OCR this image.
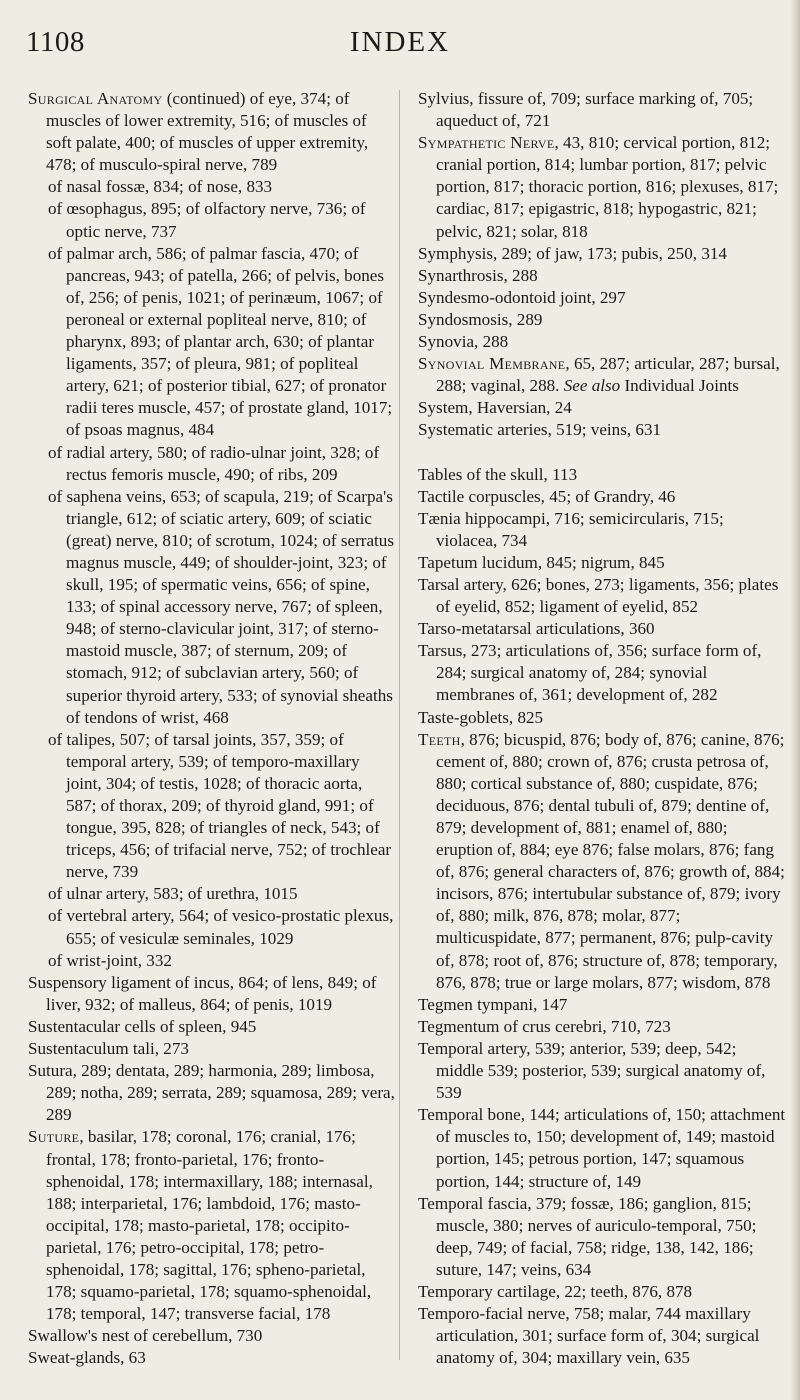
1108	INDEX

Surgical Anatomy (continued) of eye, 374; of muscles of lower extremity, 516; of muscles of soft palate, 400; of muscles of upper extremity, 478; of musculo-spiral nerve, 789

of nasal fossæ, 834; of nose, 833

of œsophagus, 895; of olfactory nerve, 736; of optic nerve, 737

of palmar arch, 586; of palmar fascia, 470; of pancreas, 943; of patella, 266; of pelvis, bones of, 256; of penis, 1021; of perinæum, 1067; of peroneal or external popliteal nerve, 810; of pharynx, 893; of plantar arch, 630; of plantar ligaments, 357; of pleura, 981; of popliteal artery, 621; of posterior tibial, 627; of pronator radii teres muscle, 457; of prostate gland, 1017; of psoas magnus, 484

of radial artery, 580; of radio-ulnar joint, 328; of rectus femoris muscle, 490; of ribs, 209

of saphena veins, 653; of scapula, 219; of Scarpa's triangle, 612; of sciatic artery, 609; of sciatic (great) nerve, 810; of scrotum, 1024; of serratus magnus muscle, 449; of shoulder-joint, 323; of skull, 195; of spermatic veins, 656; of spine, 133; of spinal accessory nerve, 767; of spleen, 948; of sterno-clavicular joint, 317; of sterno-mastoid muscle, 387; of sternum, 209; of stomach, 912; of subclavian artery, 560; of superior thyroid artery, 533; of synovial sheaths of tendons of wrist, 468

of talipes, 507; of tarsal joints, 357, 359; of temporal artery, 539; of temporo-maxillary joint, 304; of testis, 1028; of thoracic aorta, 587; of thorax, 209; of thyroid gland, 991; of tongue, 395, 828; of triangles of neck, 543; of triceps, 456; of trifacial nerve, 752; of trochlear nerve, 739

of ulnar artery, 583; of urethra, 1015

of vertebral artery, 564; of vesico-prostatic plexus, 655; of vesiculæ seminales, 1029

of wrist-joint, 332

Suspensory ligament of incus, 864; of lens, 849; of liver, 932; of malleus, 864; of penis, 1019

Sustentacular cells of spleen, 945

Sustentaculum tali, 273

Sutura, 289; dentata, 289; harmonia, 289; limbosa, 289; notha, 289; serrata, 289; squamosa, 289; vera, 289

Suture, basilar, 178; coronal, 176; cranial, 176; frontal, 178; fronto-parietal, 176; fronto-sphenoidal, 178; intermaxillary, 188; internasal, 188; interparietal, 176; lambdoid, 176; masto-occipital, 178; masto-parietal, 178; occipito-parietal, 176; petro-occipital, 178; petro-sphenoidal, 178; sagittal, 176; spheno-parietal, 178; squamo-parietal, 178; squamo-sphenoidal, 178; temporal, 147; transverse facial, 178

Swallow's nest of cerebellum, 730

Sweat-glands, 63

Sylvius, fissure of, 709; surface marking of, 705; aqueduct of, 721

Sympathetic Nerve, 43, 810; cervical portion, 812; cranial portion, 814; lumbar portion, 817; pelvic portion, 817; thoracic portion, 816; plexuses, 817; cardiac, 817; epigastric, 818; hypogastric, 821; pelvic, 821; solar, 818

Symphysis, 289; of jaw, 173; pubis, 250, 314

Synarthrosis, 288

Syndesmo-odontoid joint, 297

Syndosmosis, 289

Synovia, 288

Synovial Membrane, 65, 287; articular, 287; bursal, 288; vaginal, 288. See also Individual Joints

System, Haversian, 24

Systematic arteries, 519; veins, 631

Tables of the skull, 113

Tactile corpuscles, 45; of Grandry, 46

Tænia hippocampi, 716; semicircularis, 715; violacea, 734

Tapetum lucidum, 845; nigrum, 845

Tarsal artery, 626; bones, 273; ligaments, 356; plates of eyelid, 852; ligament of eyelid, 852

Tarso-metatarsal articulations, 360

Tarsus, 273; articulations of, 356; surface form of, 284; surgical anatomy of, 284; synovial membranes of, 361; development of, 282

Taste-goblets, 825

Teeth, 876; bicuspid, 876; body of, 876; canine, 876; cement of, 880; crown of, 876; crusta petrosa of, 880; cortical substance of, 880; cuspidate, 876; deciduous, 876; dental tubuli of, 879; dentine of, 879; development of, 881; enamel of, 880; eruption of, 884; eye 876; false molars, 876; fang of, 876; general characters of, 876; growth of, 884; incisors, 876; intertubular substance of, 879; ivory of, 880; milk, 876, 878; molar, 877; multicuspidate, 877; permanent, 876; pulp-cavity of, 878; root of, 876; structure of, 878; temporary, 876, 878; true or large molars, 877; wisdom, 878

Tegmen tympani, 147

Tegmentum of crus cerebri, 710, 723

Temporal artery, 539; anterior, 539; deep, 542; middle 539; posterior, 539; surgical anatomy of, 539

Temporal bone, 144; articulations of, 150; attachment of muscles to, 150; development of, 149; mastoid portion, 145; petrous portion, 147; squamous portion, 144; structure of, 149

Temporal fascia, 379; fossæ, 186; ganglion, 815; muscle, 380; nerves of auriculo-temporal, 750; deep, 749; of facial, 758; ridge, 138, 142, 186; suture, 147; veins, 634

Temporary cartilage, 22; teeth, 876, 878

Temporo-facial nerve, 758; malar, 744 maxillary articulation, 301; surface form of, 304; surgical anatomy of, 304; maxillary vein, 635
